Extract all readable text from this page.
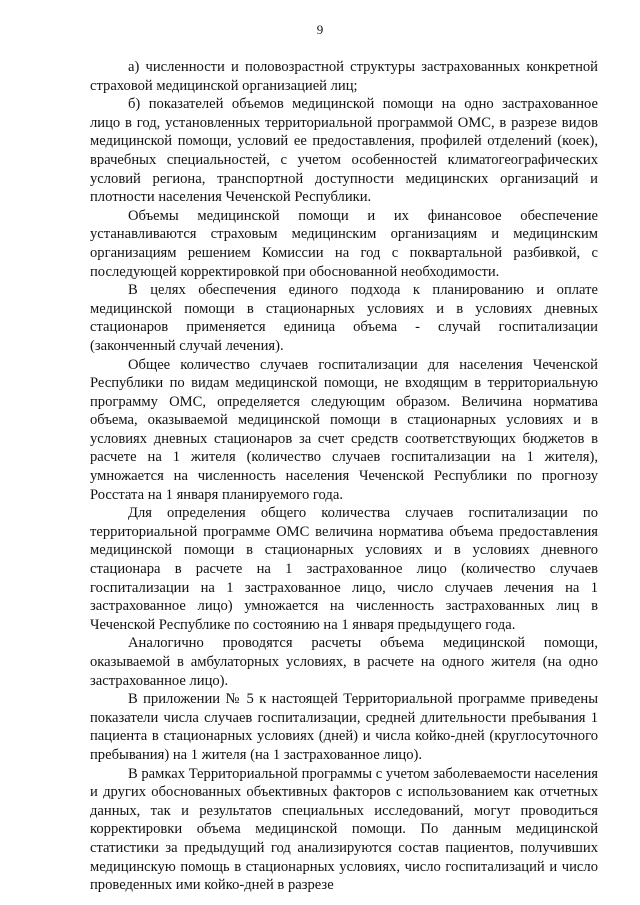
9

а) численности и половозрастной структуры застрахованных конкретной страховой медицинской организацией лиц;

б) показателей объемов медицинской помощи на одно застрахованное лицо в год, установленных территориальной программой ОМС, в разрезе видов медицинской помощи, условий ее предоставления, профилей отделений (коек), врачебных специальностей, с учетом особенностей климатогеографических условий региона, транспортной доступности медицинских организаций и плотности населения Чеченской Республики.

Объемы медицинской помощи и их финансовое обеспечение устанавливаются страховым медицинским организациям и медицинским организациям решением Комиссии на год с поквартальной разбивкой, с последующей корректировкой при обоснованной необходимости.

В целях обеспечения единого подхода к планированию и оплате медицинской помощи в стационарных условиях и в условиях дневных стационаров применяется единица объема - случай госпитализации (законченный случай лечения).

Общее количество случаев госпитализации для населения Чеченской Республики по видам медицинской помощи, не входящим в территориальную программу ОМС, определяется следующим образом. Величина норматива объема, оказываемой медицинской помощи в стационарных условиях и в условиях дневных стационаров за счет средств соответствующих бюджетов в расчете на 1 жителя (количество случаев госпитализации на 1 жителя), умножается на численность населения Чеченской Республики по прогнозу Росстата на 1 января планируемого года.

Для определения общего количества случаев госпитализации по территориальной программе ОМС величина норматива объема предоставления медицинской помощи в стационарных условиях и в условиях дневного стационара в расчете на 1 застрахованное лицо (количество случаев госпитализации на 1 застрахованное лицо, число случаев лечения на 1 застрахованное лицо) умножается на численность застрахованных лиц в Чеченской Республике по состоянию на 1 января предыдущего года.

Аналогично проводятся расчеты объема медицинской помощи, оказываемой в амбулаторных условиях, в расчете на одного жителя (на одно застрахованное лицо).

В приложении № 5 к настоящей Территориальной программе приведены показатели числа случаев госпитализации, средней длительности пребывания 1 пациента в стационарных условиях (дней) и числа койко-дней (круглосуточного пребывания) на 1 жителя (на 1 застрахованное лицо).

В рамках Территориальной программы с учетом заболеваемости населения и других обоснованных объективных факторов с использованием как отчетных данных, так и результатов специальных исследований, могут проводиться корректировки объема медицинской помощи. По данным медицинской статистики за предыдущий год анализируются состав пациентов, получивших медицинскую помощь в стационарных условиях, число госпитализаций и число проведенных ими койко-дней в разрезе
